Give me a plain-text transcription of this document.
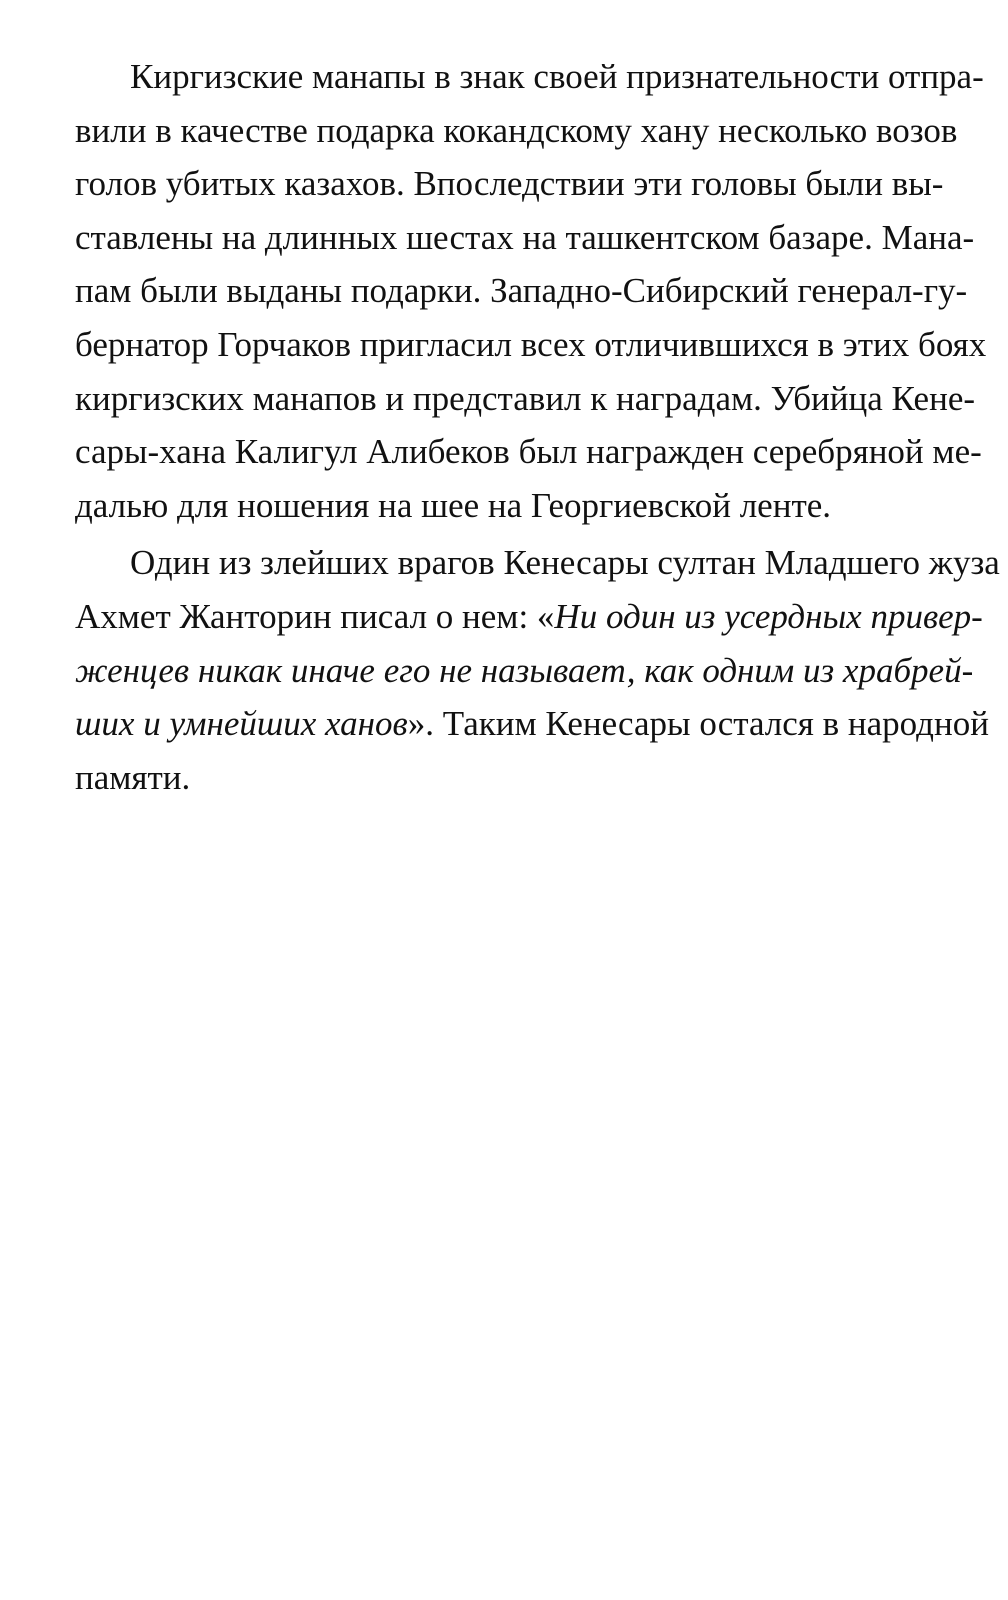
Киргизские манапы в знак своей признательности отпра-
вили в качестве подарка кокандскому хану несколько возов
голов убитых казахов. Впоследствии эти головы были вы-
ставлены на длинных шестах на ташкентском базаре. Мана-
пам были выданы подарки. Западно-Сибирский генерал-гу-
бернатор Горчаков пригласил всех отличившихся в этих боях
киргизских манапов и представил к наградам. Убийца Кене-
сары-хана Калигул Алибеков был награжден серебряной ме-
далью для ношения на шее на Георгиевской ленте.
Один из злейших врагов Кенесары султан Младшего жуза
Ахмет Жанторин писал о нем: «Ни один из усердных привер-
женцев никак иначе его не называет, как одним из храбрей-
ших и умнейших ханов». Таким Кенесары остался в народной
памяти.
